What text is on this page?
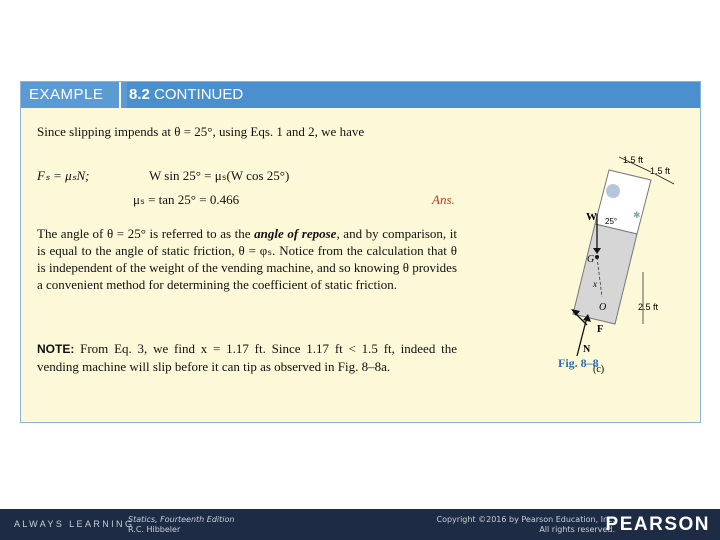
EXAMPLE	8.2 CONTINUED
Since slipping impends at θ = 25°, using Eqs. 1 and 2, we have
Fₛ = μₛN;	W sin 25° = μₛ(W cos 25°)
μₛ = tan 25° = 0.466	Ans.
The angle of θ = 25° is referred to as the angle of repose, and by comparison, it is equal to the angle of static friction, θ = φₛ. Notice from the calculation that θ is independent of the weight of the vending machine, and so knowing θ provides a convenient method for determining the coefficient of static friction.
NOTE: From Eq. 3, we find x = 1.17 ft. Since 1.17 ft < 1.5 ft, indeed the vending machine will slip before it can tip as observed in Fig. 8–8a.
1.5 ft
1.5 ft
✱
W 25°
G
x
O	2.5 ft
F
N
(c)
Fig. 8–8
ALWAYS LEARNING
Statics, Fourteenth Edition
R.C. Hibbeler
Copyright ©2016 by Pearson Education, Inc.
All rights reserved.
PEARSON
